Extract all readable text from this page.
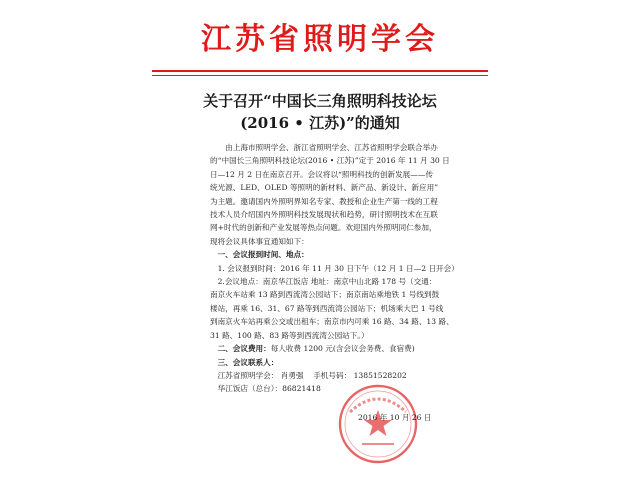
江苏省照明学会
关于召开“中国长三角照明科技论坛
(2016 • 江苏)”的通知

由上海市照明学会、浙江省照明学会、江苏省照明学会联合举办

的“中国长三角照明科技论坛(2016 • 江苏)”定于 2016 年 11 月 30 日

日—12 月 2 日在南京召开。会议将以“照明科技的创新发展——传

统光源、LED、OLED 等照明的新材料、新产品、新设计、新应用”

为主题。邀请国内外照明界知名专家、教授和企业生产第一线的工程

技术人员介绍国内外照明科技发展现状和趋势，研讨照明技术在互联

网+时代的创新和产业发展等热点问题。欢迎国内外照明同仁参加，

现将会议具体事宜通知如下：

一、会议报到时间、地点：

1. 会议报到时间：2016 年 11 月 30 日下午（12 月 1 日—2 日开会）

2.会议地点：南京华江饭店 地址：南京中山北路 178 号（交通：

南京火车站乘 13 路到西流湾公园站下；南京南站乘地铁 1 号线到鼓

楼站，再乘 16、31、67 路等到西流湾公园站下；机场乘大巴 1 号线

到南京火车站再乘公交或出租车；南京市内可乘 16 路、34 路、13 路、

31 路、100 路、83 路等到西流湾公园站下。）

二、会议费用：每人收费 1200 元(含会议会务费、食宿费)

三、会议联系人：

江苏省照明学会： 肖勇强 手机号码： 13851528202

华江饭店（总台）：86821418

2016 年 10 月 26 日
